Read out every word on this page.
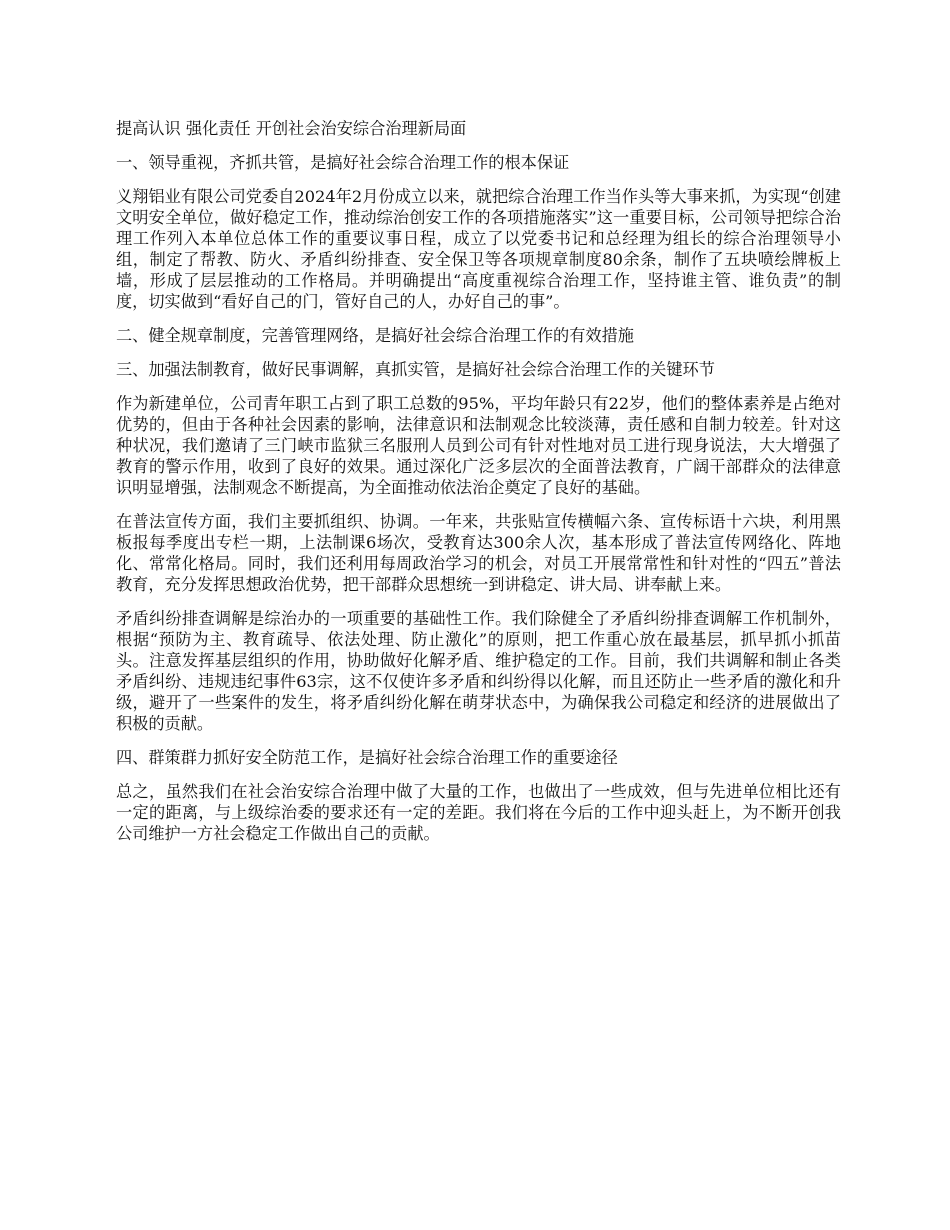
提高认识 强化责任 开创社会治安综合治理新局面
一、领导重视，齐抓共管，是搞好社会综合治理工作的根本保证
义翔铝业有限公司党委自2024年2月份成立以来，就把综合治理工作当作头等大事来抓，为实现“创建文明安全单位，做好稳定工作，推动综治创安工作的各项措施落实”这一重要目标，公司领导把综合治理工作列入本单位总体工作的重要议事日程，成立了以党委书记和总经理为组长的综合治理领导小组，制定了帮教、防火、矛盾纠纷排查、安全保卫等各项规章制度80余条，制作了五块喷绘牌板上墙，形成了层层推动的工作格局。并明确提出“高度重视综合治理工作，坚持谁主管、谁负责”的制度，切实做到“看好自己的门，管好自己的人，办好自己的事”。
二、健全规章制度，完善管理网络，是搞好社会综合治理工作的有效措施
三、加强法制教育，做好民事调解，真抓实管，是搞好社会综合治理工作的关键环节
作为新建单位，公司青年职工占到了职工总数的95%，平均年龄只有22岁，他们的整体素养是占绝对优势的，但由于各种社会因素的影响，法律意识和法制观念比较淡薄，责任感和自制力较差。针对这种状况，我们邀请了三门峡市监狱三名服刑人员到公司有针对性地对员工进行现身说法，大大增强了教育的警示作用，收到了良好的效果。通过深化广泛多层次的全面普法教育，广阔干部群众的法律意识明显增强，法制观念不断提高，为全面推动依法治企奠定了良好的基础。
在普法宣传方面，我们主要抓组织、协调。一年来，共张贴宣传横幅六条、宣传标语十六块，利用黑板报每季度出专栏一期，上法制课6场次，受教育达300余人次，基本形成了普法宣传网络化、阵地化、常常化格局。同时，我们还利用每周政治学习的机会，对员工开展常常性和针对性的“四五”普法教育，充分发挥思想政治优势，把干部群众思想统一到讲稳定、讲大局、讲奉献上来。
矛盾纠纷排查调解是综治办的一项重要的基础性工作。我们除健全了矛盾纠纷排查调解工作机制外，根据“预防为主、教育疏导、依法处理、防止激化”的原则，把工作重心放在最基层，抓早抓小抓苗头。注意发挥基层组织的作用，协助做好化解矛盾、维护稳定的工作。目前，我们共调解和制止各类矛盾纠纷、违规违纪事件63宗，这不仅使许多矛盾和纠纷得以化解，而且还防止一些矛盾的激化和升级，避开了一些案件的发生，将矛盾纠纷化解在萌芽状态中，为确保我公司稳定和经济的进展做出了积极的贡献。
四、群策群力抓好安全防范工作，是搞好社会综合治理工作的重要途径
总之，虽然我们在社会治安综合治理中做了大量的工作，也做出了一些成效，但与先进单位相比还有一定的距离，与上级综治委的要求还有一定的差距。我们将在今后的工作中迎头赶上，为不断开创我公司维护一方社会稳定工作做出自己的贡献。
